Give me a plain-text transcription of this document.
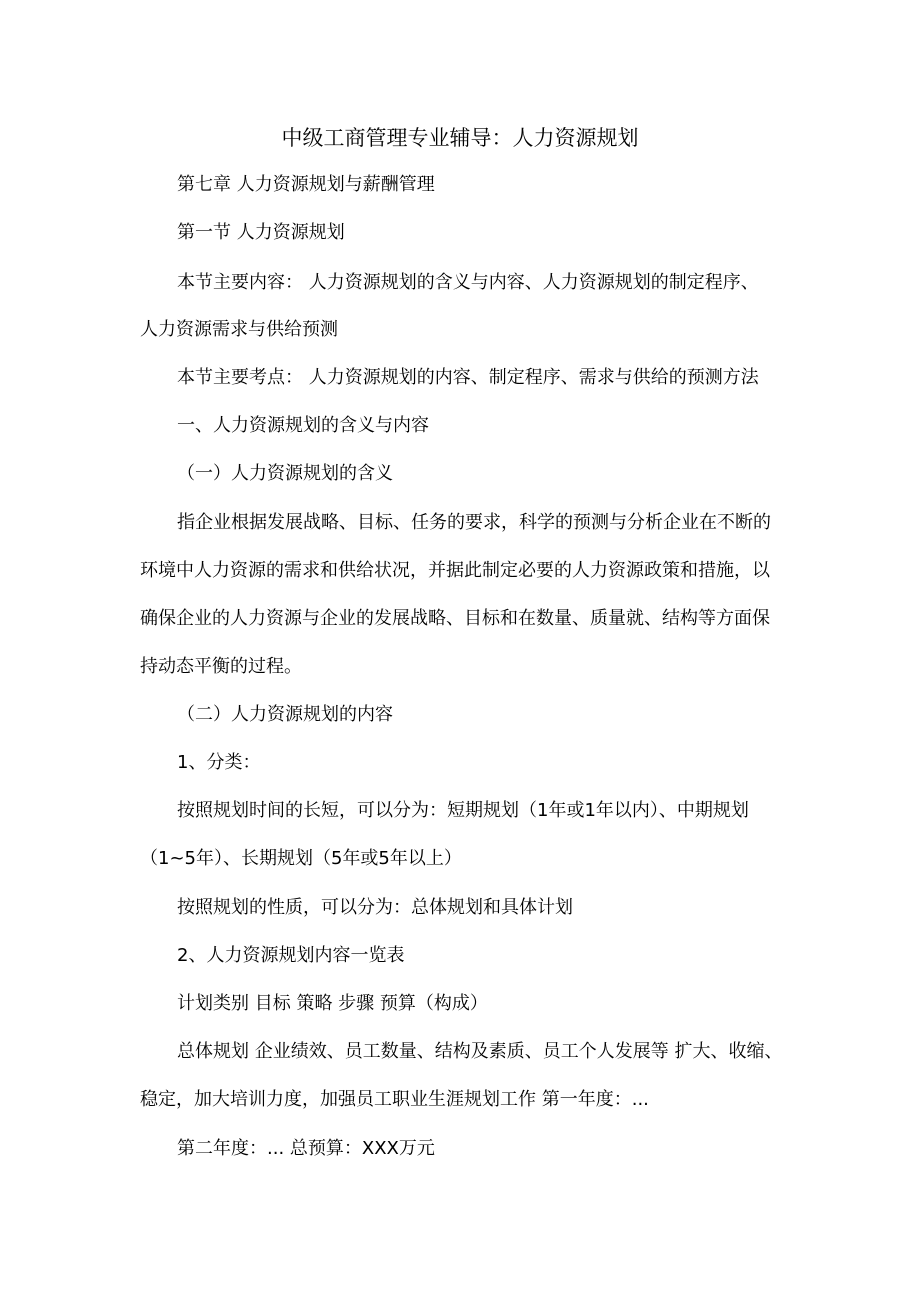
中级工商管理专业辅导：人力资源规划
第七章 人力资源规划与薪酬管理
第一节 人力资源规划
本节主要内容： 人力资源规划的含义与内容、人力资源规划的制定程序、
人力资源需求与供给预测
本节主要考点： 人力资源规划的内容、制定程序、需求与供给的预测方法
一、人力资源规划的含义与内容
（一）人力资源规划的含义
指企业根据发展战略、目标、任务的要求，科学的预测与分析企业在不断的
环境中人力资源的需求和供给状况，并据此制定必要的人力资源政策和措施，以
确保企业的人力资源与企业的发展战略、目标和在数量、质量就、结构等方面保
持动态平衡的过程。
（二）人力资源规划的内容
1、分类：
按照规划时间的长短，可以分为：短期规划（1年或1年以内）、中期规划
（1~5年）、长期规划（5年或5年以上）
按照规划的性质，可以分为：总体规划和具体计划
2、人力资源规划内容一览表
计划类别 目标 策略 步骤 预算（构成）
总体规划 企业绩效、员工数量、结构及素质、员工个人发展等 扩大、收缩、
稳定，加大培训力度，加强员工职业生涯规划工作 第一年度：...
第二年度：... 总预算：XXX万元
